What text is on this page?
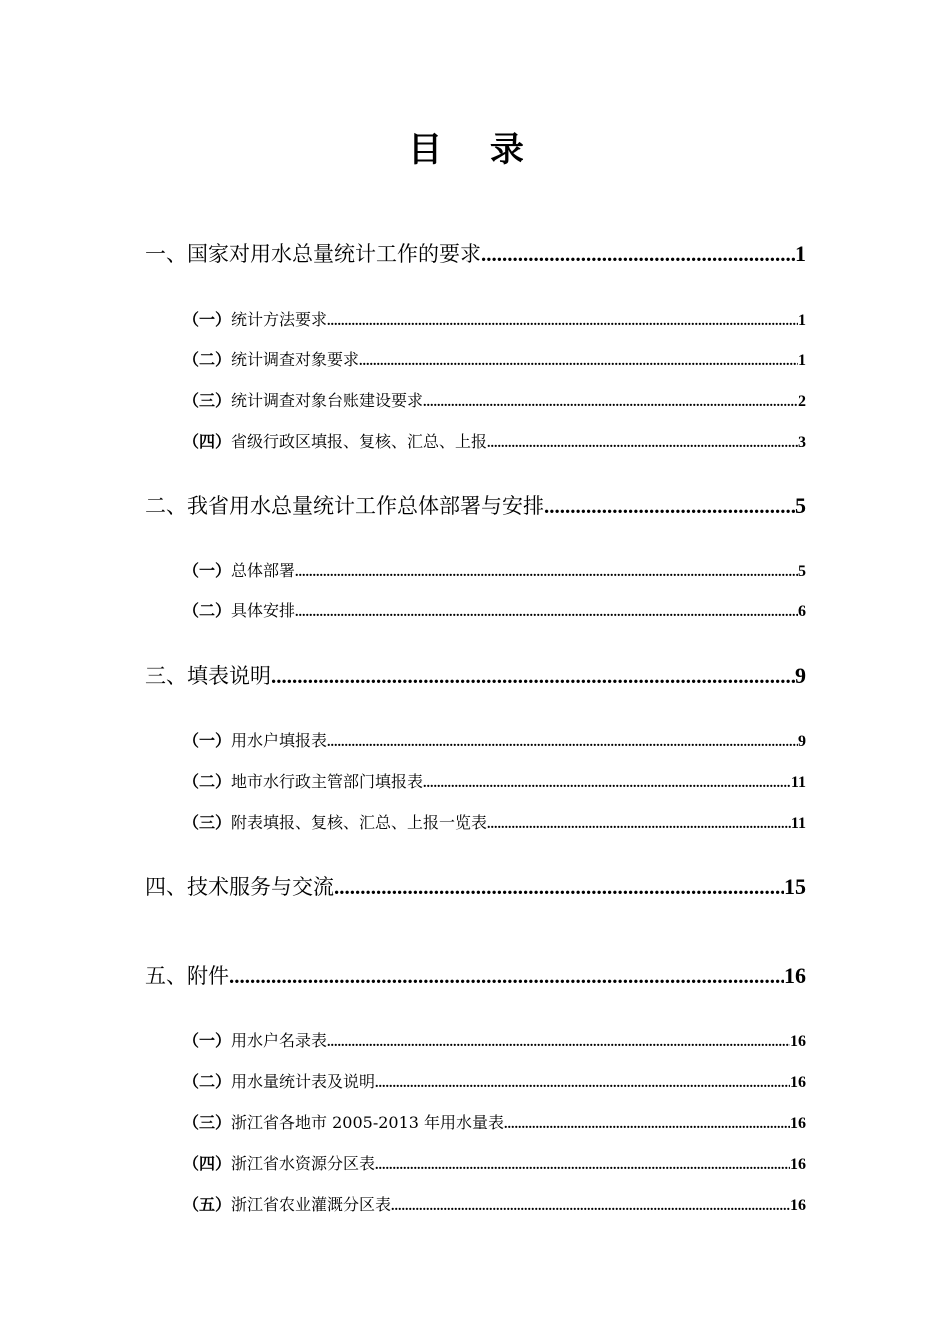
目 录
一、 国家对用水总量统计工作的要求 .....	1
（一） 统计方法要求 .....	1
（二） 统计调查对象要求 .....	1
（三） 统计调查对象台账建设要求 .....	2
（四） 省级行政区填报、复核、汇总、上报 .....	3
二、 我省用水总量统计工作总体部署与安排 .....	5
（一） 总体部署 .....	5
（二） 具体安排 .....	6
三、 填表说明 .....	9
（一） 用水户填报表 .....	9
（二） 地市水行政主管部门填报表 .....	11
（三） 附表填报、复核、汇总、上报一览表 .....	11
四、 技术服务与交流 .....	15
五、 附件 .....	16
（一） 用水户名录表 .....	16
（二） 用水量统计表及说明 .....	16
（三） 浙江省各地市 2005-2013 年用水量表 .....	16
（四） 浙江省水资源分区表 .....	16
（五） 浙江省农业灌溉分区表 .....	16
